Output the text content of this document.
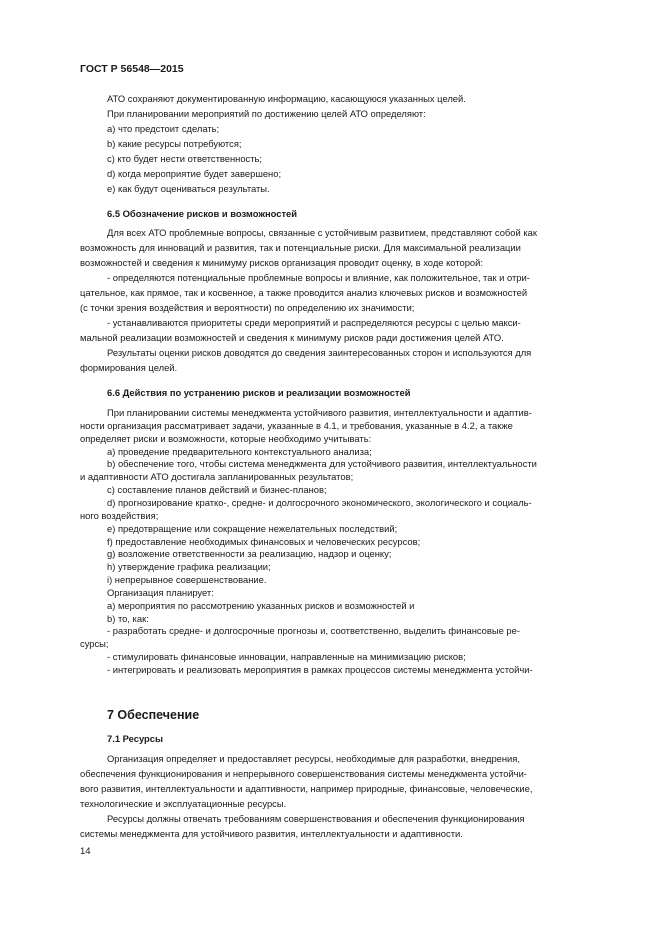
ГОСТ Р 56548—2015
АТО сохраняют документированную информацию, касающуюся указанных целей.
При планировании мероприятий по достижению целей АТО определяют:
a) что предстоит сделать;
b) какие ресурсы потребуются;
c) кто будет нести ответственность;
d) когда мероприятие будет завершено;
e) как будут оцениваться результаты.
6.5 Обозначение рисков и возможностей
Для всех АТО проблемные вопросы, связанные с устойчивым развитием, представляют собой как
возможность для инноваций и развития, так и потенциальные риски. Для максимальной реализации
возможностей и сведения к минимуму рисков организация проводит оценку, в ходе которой:
- определяются потенциальные проблемные вопросы и влияние, как положительное, так и отри-
цательное, как прямое, так и косвенное, а также проводится анализ ключевых рисков и возможностей
(с точки зрения воздействия и вероятности) по определению их значимости;
- устанавливаются приоритеты среди мероприятий и распределяются ресурсы с целью макси-
мальной реализации возможностей и сведения к минимуму рисков ради достижения целей АТО.
Результаты оценки рисков доводятся до сведения заинтересованных сторон и используются для
формирования целей.
6.6 Действия по устранению рисков и реализации возможностей
При планировании системы менеджмента устойчивого развития, интеллектуальности и адаптив-
ности организация рассматривает задачи, указанные в 4.1, и требования, указанные в 4.2, а также
определяет риски и возможности, которые необходимо учитывать:
a) проведение предварительного контекстуального анализа;
b) обеспечение того, чтобы система менеджмента для устойчивого развития, интеллектуальности
и адаптивности АТО достигала запланированных результатов;
c) составление планов действий и бизнес-планов;
d) прогнозирование кратко-, средне- и долгосрочного экономического, экологического и социаль-
ного воздействия;
e) предотвращение или сокращение нежелательных последствий;
f) предоставление необходимых финансовых и человеческих ресурсов;
g) возложение ответственности за реализацию, надзор и оценку;
h) утверждение графика реализации;
i) непрерывное совершенствование.
Организация планирует:
a) мероприятия по рассмотрению указанных рисков и возможностей и
b) то, как:
- разработать средне- и долгосрочные прогнозы и, соответственно, выделить финансовые ре-
сурсы;
- стимулировать финансовые инновации, направленные на минимизацию рисков;
- интегрировать и реализовать мероприятия в рамках процессов системы менеджмента устойчи-
7 Обеспечение
7.1 Ресурсы
Организация определяет и предоставляет ресурсы, необходимые для разработки, внедрения,
обеспечения функционирования и непрерывного совершенствования системы менеджмента устойчи-
вого развития, интеллектуальности и адаптивности, например природные, финансовые, человеческие,
технологические и эксплуатационные ресурсы.
Ресурсы должны отвечать требованиям совершенствования и обеспечения функционирования
системы менеджмента для устойчивого развития, интеллектуальности и адаптивности.
14
